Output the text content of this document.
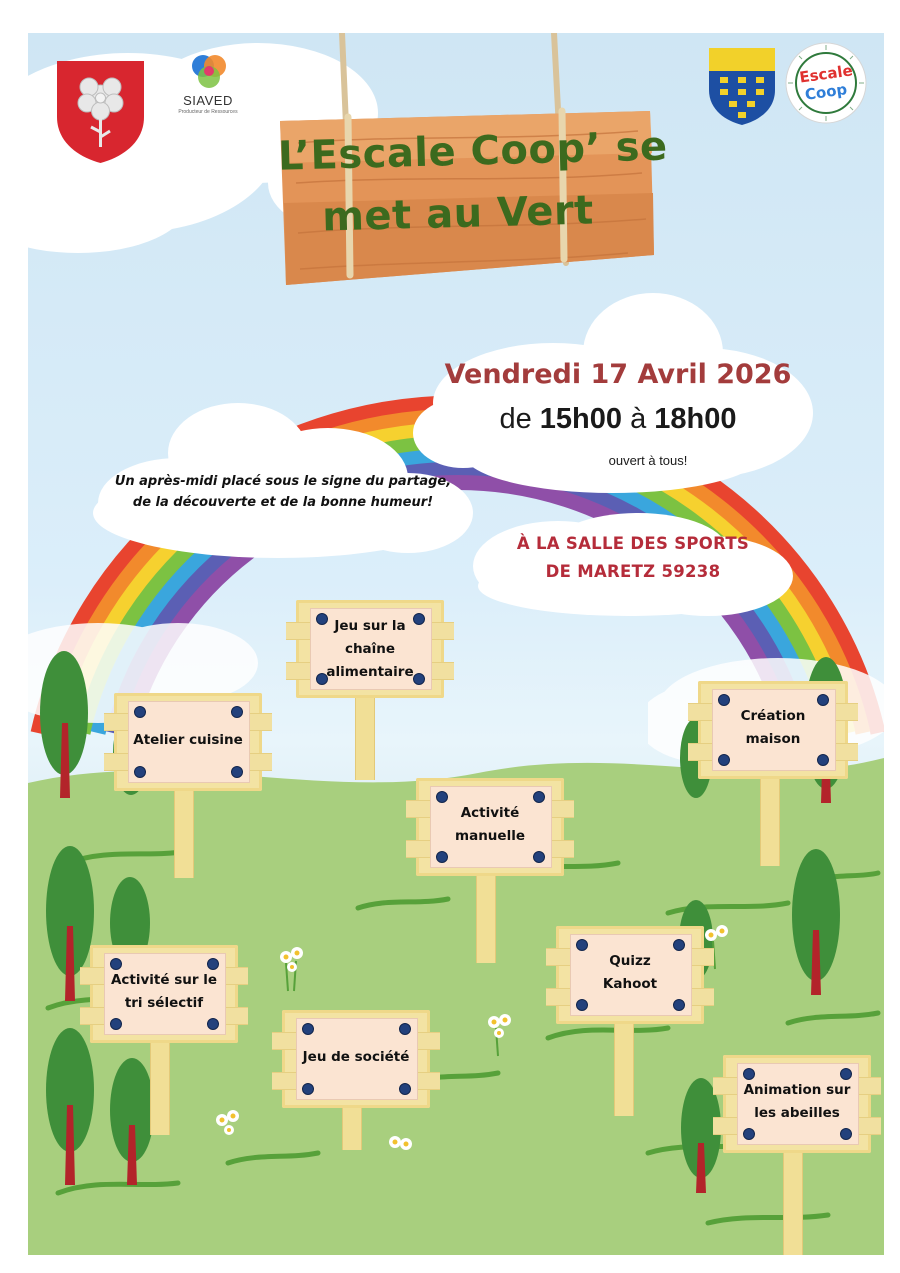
SIAVED
Producteur de Ressources
Escale
Coop
L’Escale Coop’ se
met au Vert
Vendredi 17 Avril 2026
de 15h00 à 18h00
ouvert à tous!
Un après-midi placé sous le signe du partage,
de la découverte et de la bonne humeur!
À LA SALLE DES SPORTS
DE MARETZ 59238
Jeu sur la
chaîne
alimentaire
Atelier cuisine
Création
maison
Activité
manuelle
Activité sur le
tri sélectif
Quizz
Kahoot
Jeu de société
Animation sur
les abeilles
